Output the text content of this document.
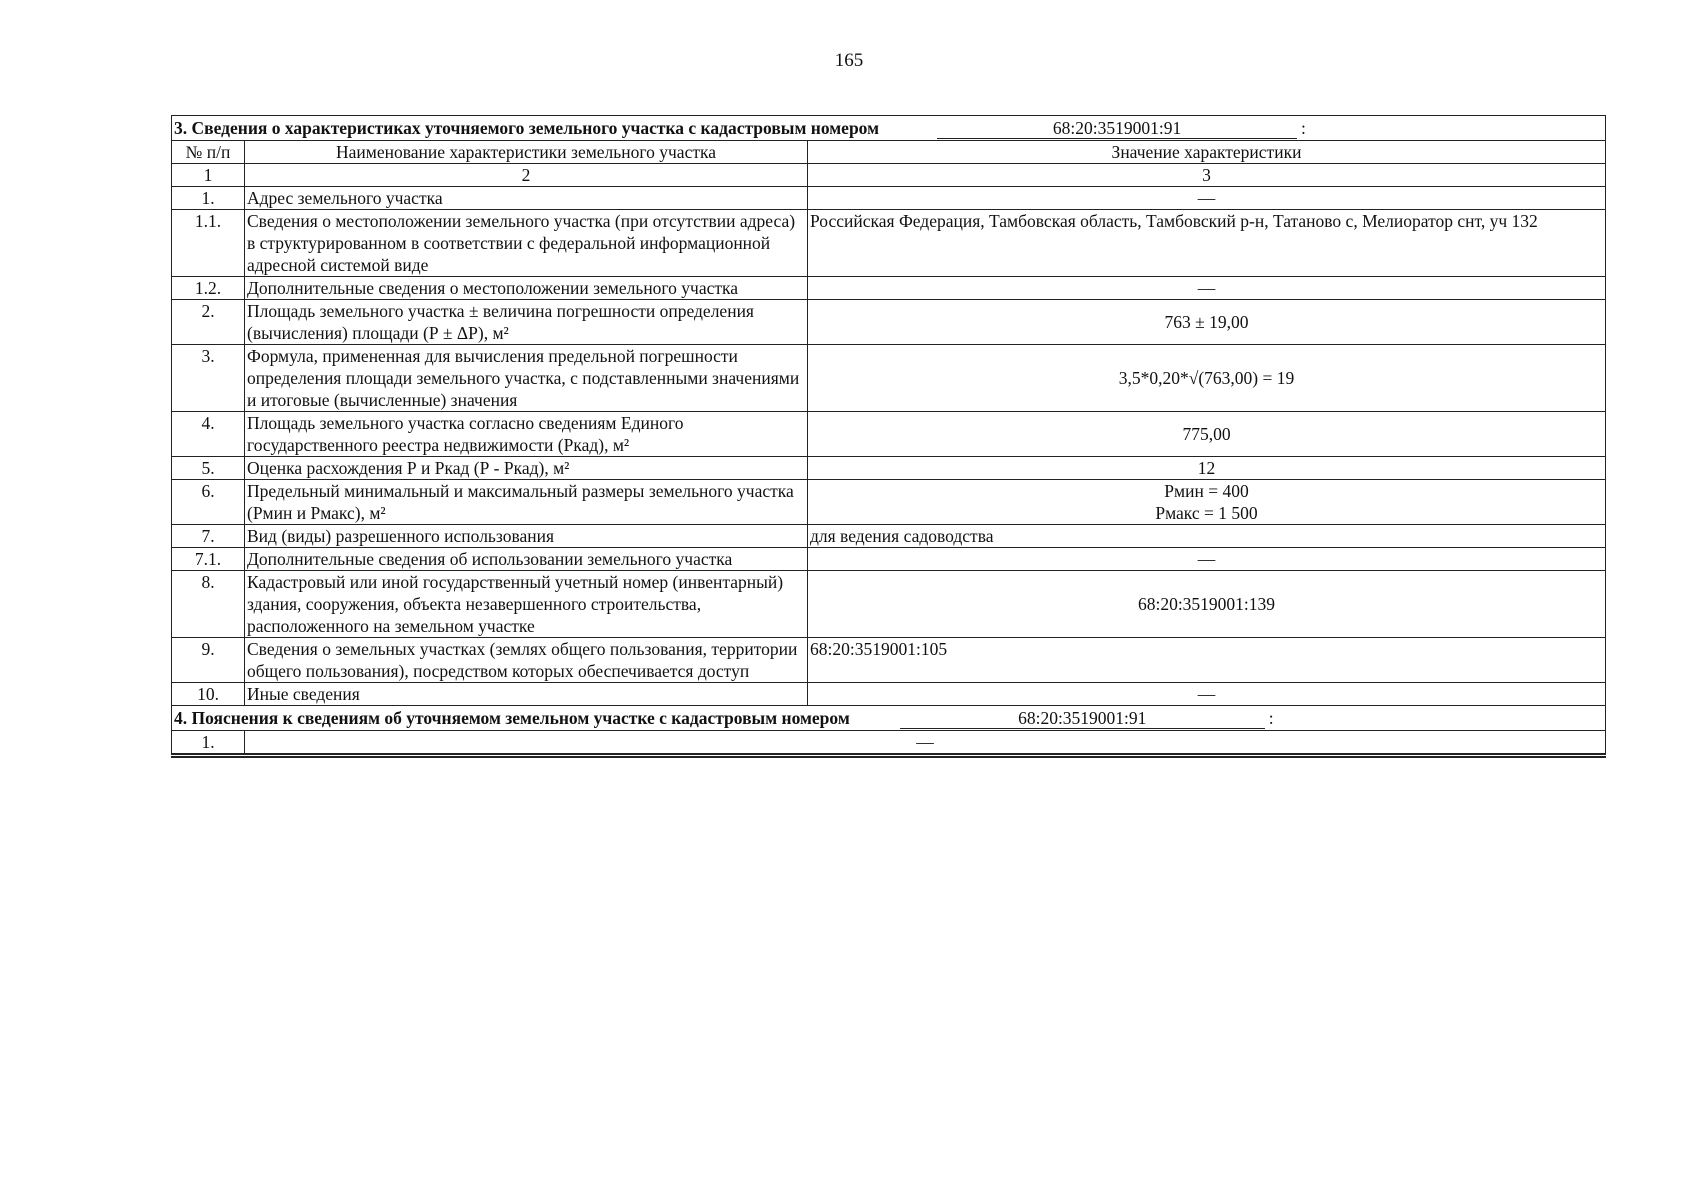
165
3. Сведения о характеристиках уточняемого земельного участка с кадастровым номером 68:20:3519001:91 :		
№ п/п	Наименование характеристики земельного участка	Значение характеристики
1	2	3
1.	Адрес земельного участка	—
1.1.	Сведения о местоположении земельного участка (при отсутствии адреса) в структурированном в соответствии с федеральной информационной адресной системой виде	Российская Федерация, Тамбовская область, Тамбовский р-н, Татаново с, Мелиоратор снт, уч 132
1.2.	Дополнительные сведения о местоположении земельного участка	—
2.	Площадь земельного участка ± величина погрешности определения (вычисления) площади (Р ± ΔР), м²	763 ± 19,00
3.	Формула, примененная для вычисления предельной погрешности определения площади земельного участка, с подставленными значениями и итоговые (вычисленные) значения	3,5*0,20*√(763,00) = 19
4.	Площадь земельного участка согласно сведениям Единого государственного реестра недвижимости (Ркад), м²	775,00
5.	Оценка расхождения Р и Ркад (Р - Ркад), м²	12
6.	Предельный минимальный и максимальный размеры земельного участка (Рмин и Рмакс), м²	Рмин = 400
Рмакс = 1 500

7.	Вид (виды) разрешенного использования	для ведения садоводства
7.1.	Дополнительные сведения об использовании земельного участка	—
8.	Кадастровый или иной государственный учетный номер (инвентарный) здания, сооружения, объекта незавершенного строительства, расположенного на земельном участке	68:20:3519001:139
9.	Сведения о земельных участках (землях общего пользования, территории общего пользования), посредством которых обеспечивается доступ	68:20:3519001:105
10.	Иные сведения	—
4. Пояснения к сведениям об уточняемом земельном участке с кадастровым номером 68:20:3519001:91 :		
1.	—	
